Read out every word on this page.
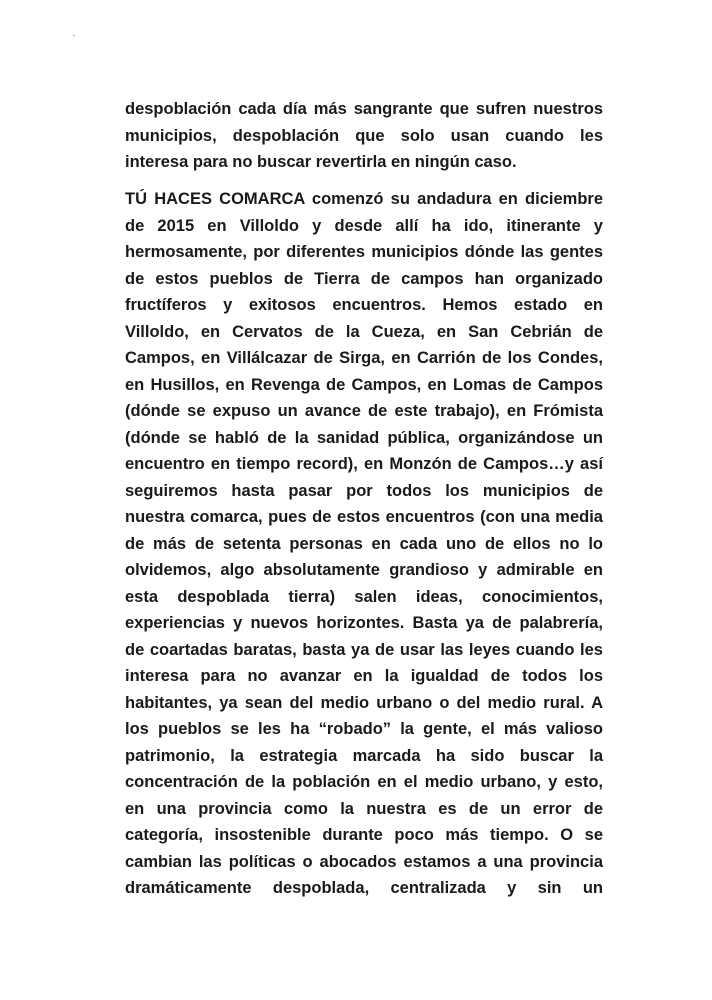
despoblación cada día más sangrante que sufren nuestros
municipios, despoblación que solo usan cuando les
interesa para no buscar revertirla en ningún caso.
TÚ HACES COMARCA comenzó su andadura en diciembre
de 2015 en Villoldo y desde allí ha ido, itinerante y
hermosamente, por diferentes municipios dónde las gentes
de estos pueblos de Tierra de campos han organizado
fructíferos y exitosos encuentros. Hemos estado en
Villoldo, en Cervatos de la Cueza, en San Cebrián de
Campos, en Villálcazar de Sirga, en Carrión de los Condes,
en Husillos, en Revenga de Campos, en Lomas de Campos
(dónde se expuso un avance de este trabajo), en Frómista
(dónde se habló de la sanidad pública, organizándose un
encuentro en tiempo record), en Monzón de Campos…y así
seguiremos hasta pasar por todos los municipios de
nuestra comarca, pues de estos encuentros (con una media
de más de setenta personas en cada uno de ellos no lo
olvidemos, algo absolutamente grandioso y admirable en
esta despoblada tierra) salen ideas, conocimientos,
experiencias y nuevos horizontes. Basta ya de palabrería,
de coartadas baratas, basta ya de usar las leyes cuando les
interesa para no avanzar en la igualdad de todos los
habitantes, ya sean del medio urbano o del medio rural. A
los pueblos se les ha “robado” la gente, el más valioso
patrimonio, la estrategia marcada ha sido buscar la
concentración de la población en el medio urbano, y esto,
en una provincia como la nuestra es de un error de
categoría, insostenible durante poco más tiempo. O se
cambian las políticas o abocados estamos a una provincia
dramáticamente despoblada, centralizada y sin un
